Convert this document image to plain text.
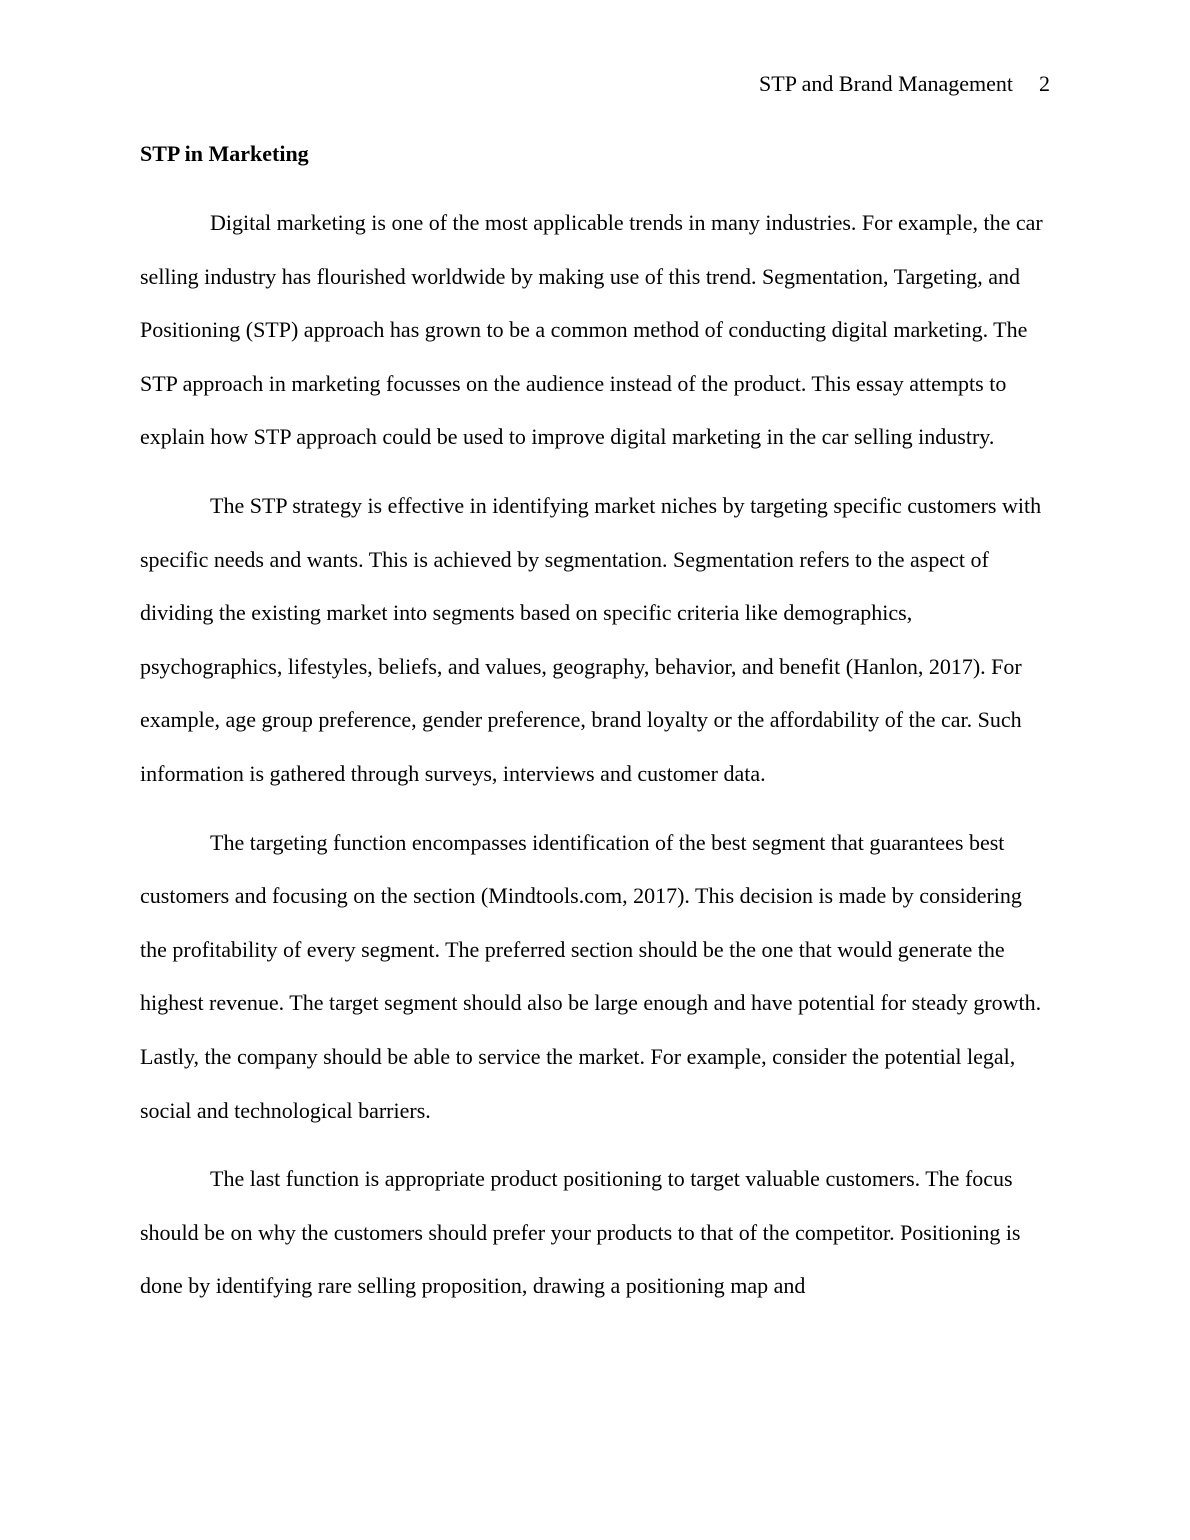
STP and Brand Management 2
STP in Marketing

Digital marketing is one of the most applicable trends in many industries. For example, the car selling industry has flourished worldwide by making use of this trend. Segmentation, Targeting, and Positioning (STP) approach has grown to be a common method of conducting digital marketing. The STP approach in marketing focusses on the audience instead of the product. This essay attempts to explain how STP approach could be used to improve digital marketing in the car selling industry.

The STP strategy is effective in identifying market niches by targeting specific customers with specific needs and wants. This is achieved by segmentation. Segmentation refers to the aspect of dividing the existing market into segments based on specific criteria like demographics, psychographics, lifestyles, beliefs, and values, geography, behavior, and benefit (Hanlon, 2017). For example, age group preference, gender preference, brand loyalty or the affordability of the car. Such information is gathered through surveys, interviews and customer data.

The targeting function encompasses identification of the best segment that guarantees best customers and focusing on the section (Mindtools.com, 2017). This decision is made by considering the profitability of every segment. The preferred section should be the one that would generate the highest revenue. The target segment should also be large enough and have potential for steady growth. Lastly, the company should be able to service the market. For example, consider the potential legal, social and technological barriers.

The last function is appropriate product positioning to target valuable customers. The focus should be on why the customers should prefer your products to that of the competitor. Positioning is done by identifying rare selling proposition, drawing a positioning map and
